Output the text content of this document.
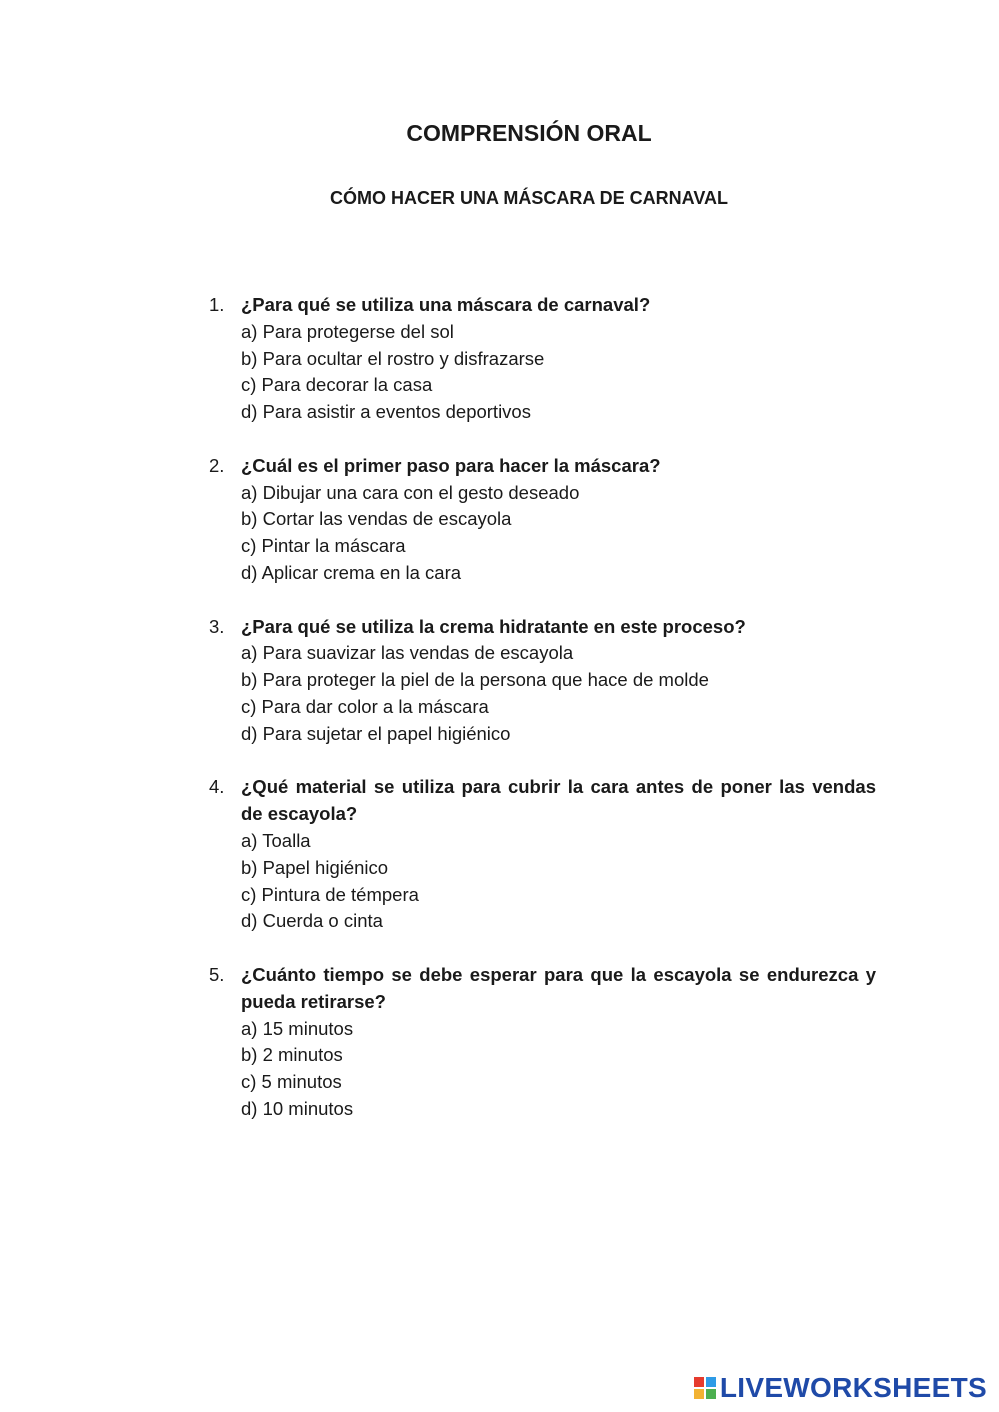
COMPRENSIÓN ORAL
CÓMO HACER UNA MÁSCARA DE CARNAVAL
1. ¿Para qué se utiliza una máscara de carnaval?
a) Para protegerse del sol
b) Para ocultar el rostro y disfrazarse
c) Para decorar la casa
d) Para asistir a eventos deportivos
2. ¿Cuál es el primer paso para hacer la máscara?
a) Dibujar una cara con el gesto deseado
b) Cortar las vendas de escayola
c) Pintar la máscara
d) Aplicar crema en la cara
3. ¿Para qué se utiliza la crema hidratante en este proceso?
a) Para suavizar las vendas de escayola
b) Para proteger la piel de la persona que hace de molde
c) Para dar color a la máscara
d) Para sujetar el papel higiénico
4. ¿Qué material se utiliza para cubrir la cara antes de poner las vendas de escayola?
a) Toalla
b) Papel higiénico
c) Pintura de témpera
d) Cuerda o cinta
5. ¿Cuánto tiempo se debe esperar para que la escayola se endurezca y pueda retirarse?
a) 15 minutos
b) 2 minutos
c) 5 minutos
d) 10 minutos
LIVEWORKSHEETS
